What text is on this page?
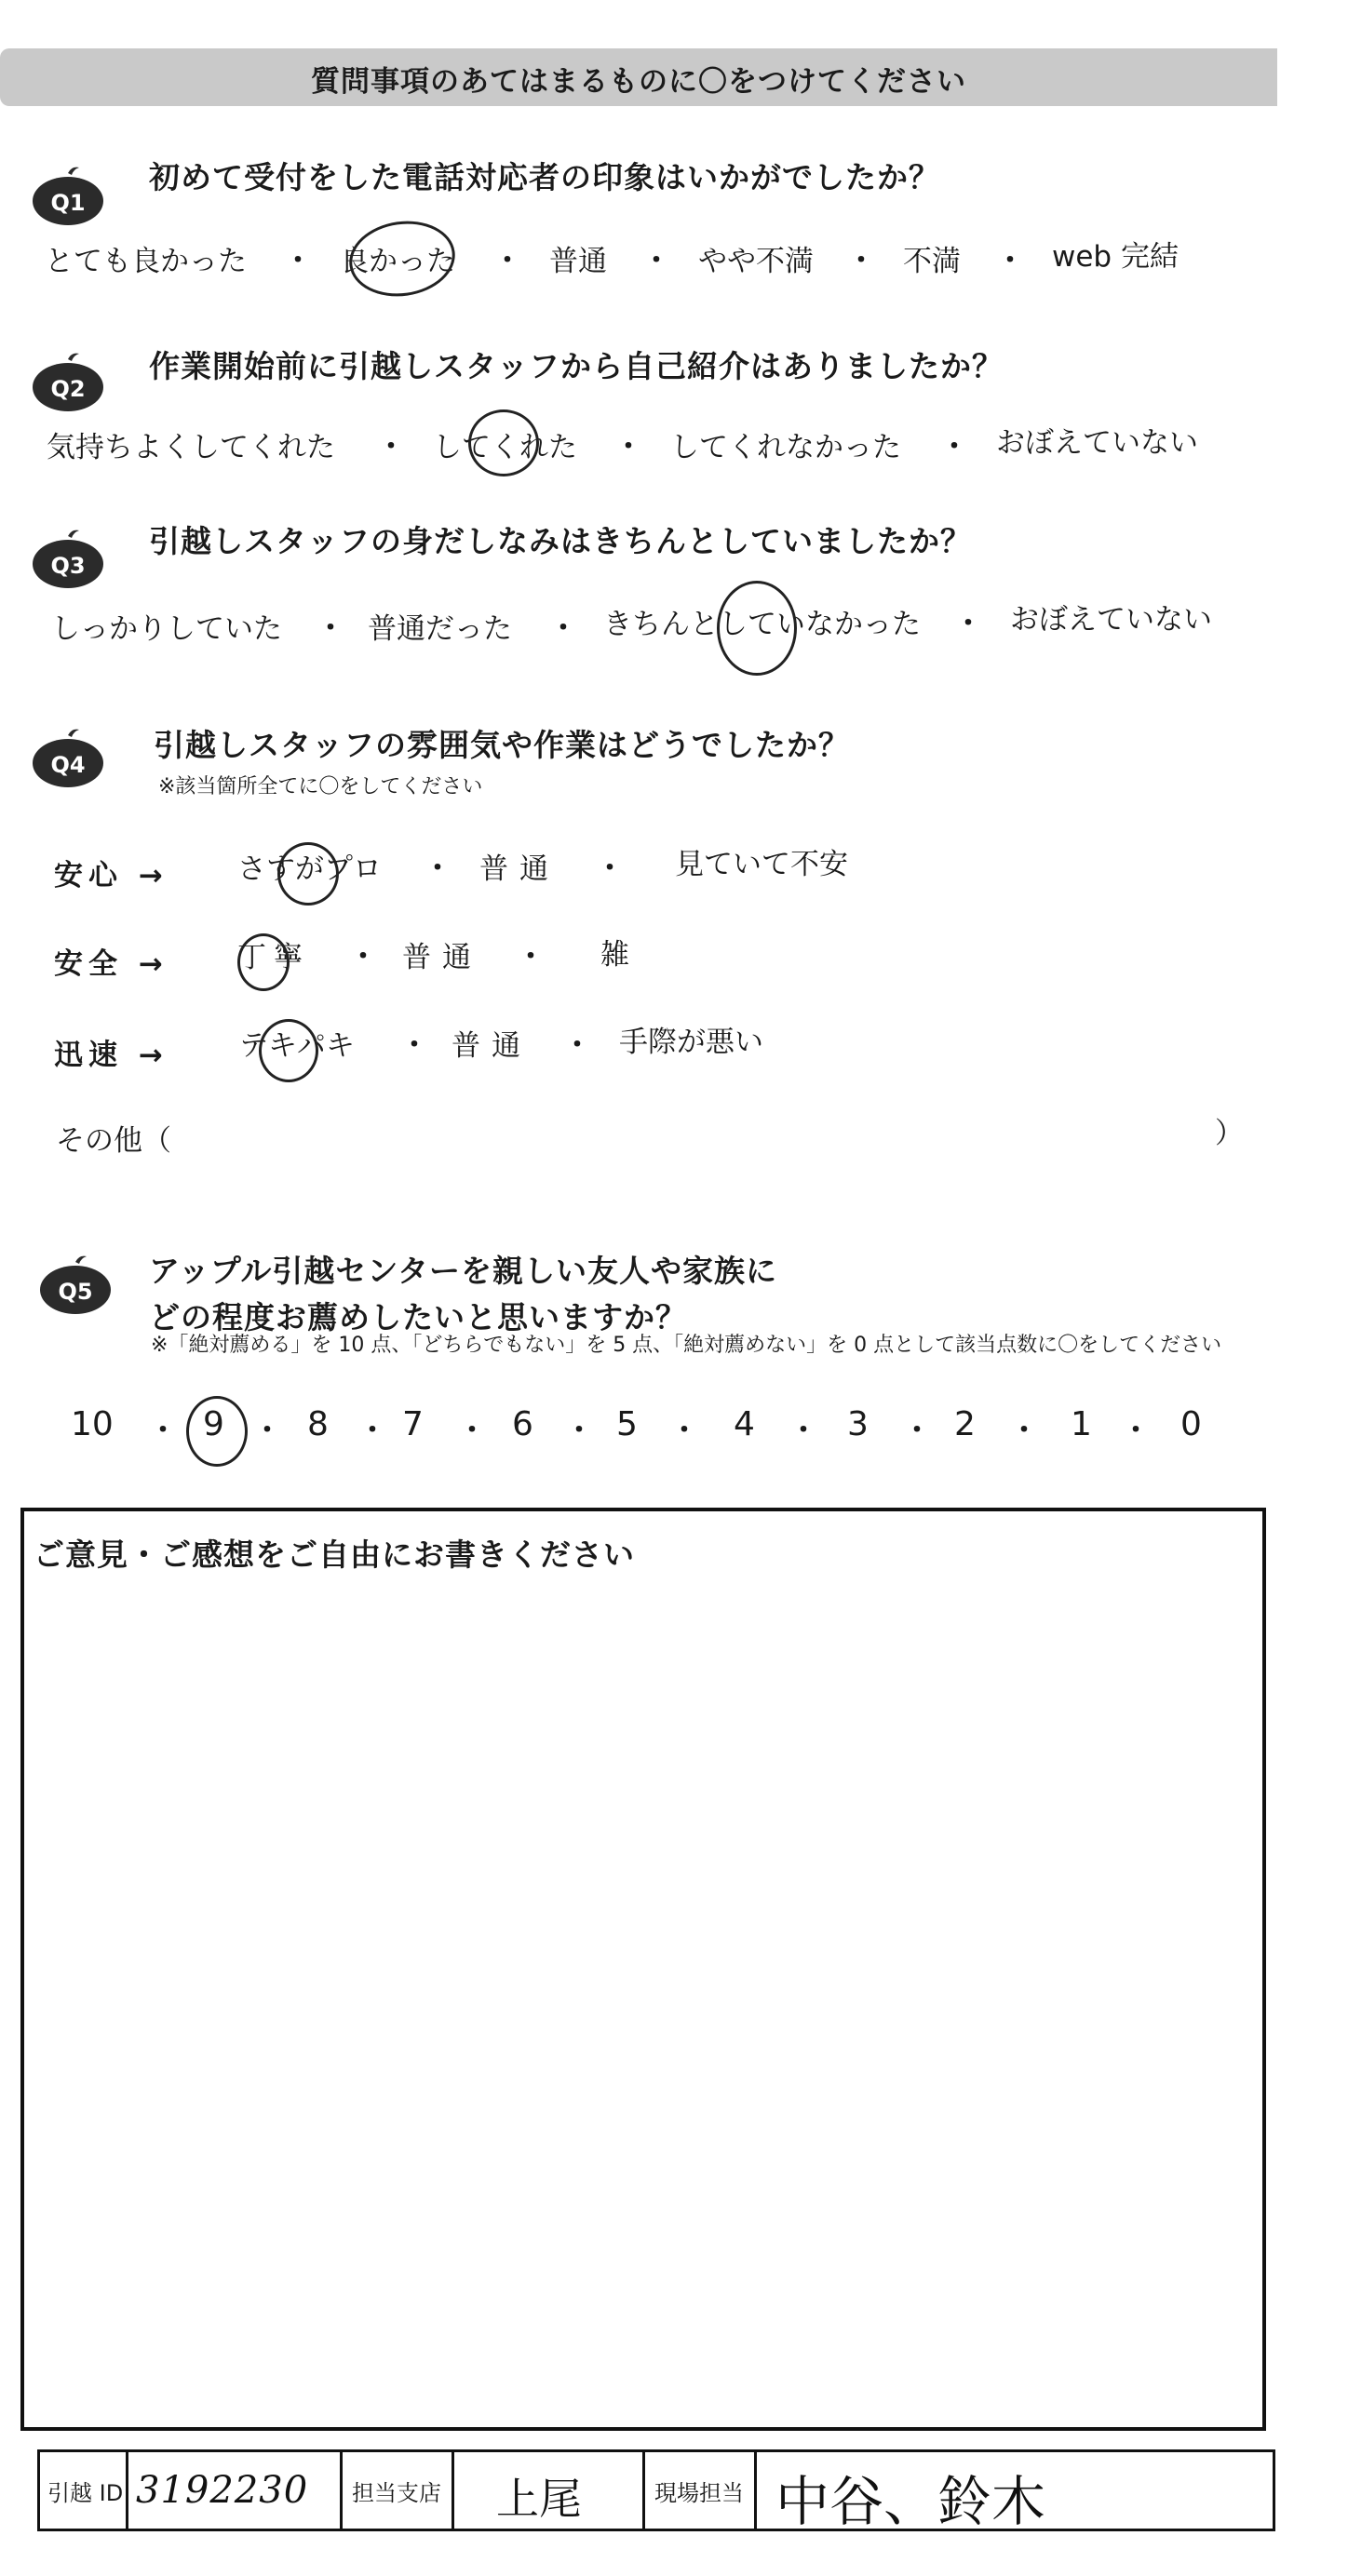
質問事項のあてはまるものに〇をつけてください
Q1
初めて受付をした電話対応者の印象はいかがでしたか？
とても良かった ・ 良かった ・ 普通 ・ やや不満 ・ 不満 ・ web 完結
Q2
作業開始前に引越しスタッフから自己紹介はありましたか？
気持ちよくしてくれた ・ してくれた ・ してくれなかった ・ おぼえていない
Q3
引越しスタッフの身だしなみはきちんとしていましたか？
しっかりしていた ・ 普通だった ・ きちんとしていなかった ・ おぼえていない
Q4
引越しスタッフの雰囲気や作業はどうでしたか？
※該当箇所全てに〇をしてください
安心 → さすがプロ ・ 普通 ・ 見ていて不安
安全 → 丁寧 ・ 普通 ・ 雑
迅速 → テキパキ ・ 普通 ・ 手際が悪い
その他（	）
Q5
アップル引越センターを親しい友人や家族に
どの程度お薦めしたいと思いますか？
※「絶対薦める」を 10 点、「どちらでもない」を 5 点、「絶対薦めない」を 0 点として該当点数に〇をしてください
10 ・ 9 ・ 8 ・ 7 ・ 6 ・ 5 ・ 4 ・ 3 ・ 2 ・ 1 ・ 0
ご意見・ご感想をご自由にお書きください
引越 ID 3192230 担当支店 上尾	現場担当 中谷、鈴木
